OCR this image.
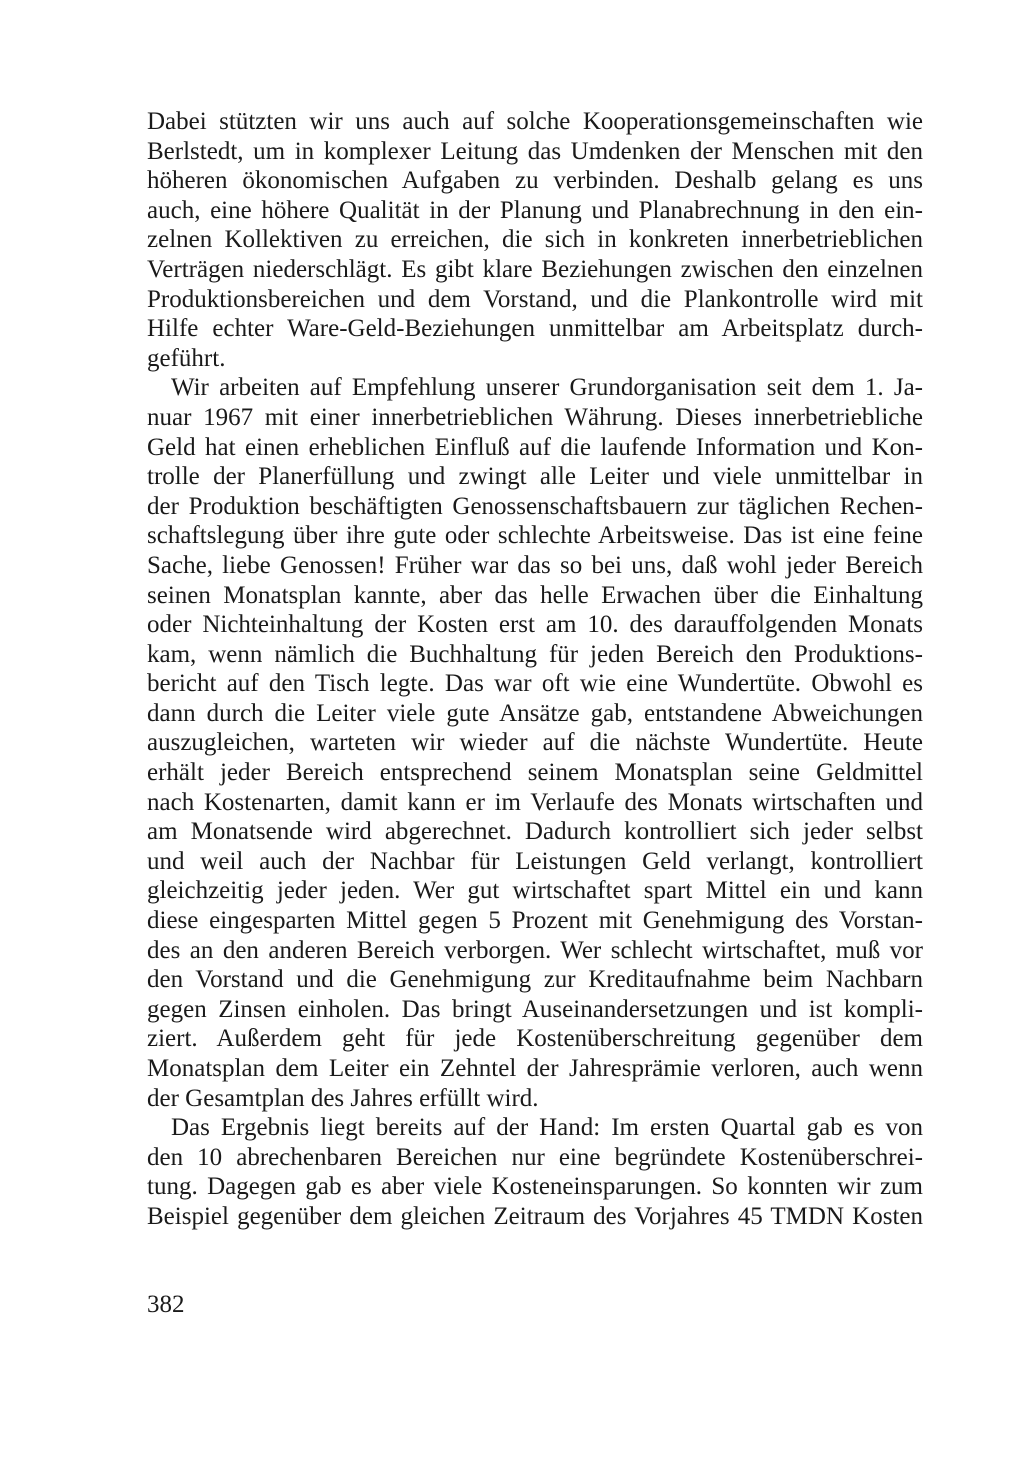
Dabei stützten wir uns auch auf solche Kooperationsgemeinschaften wie
Berlstedt, um in komplexer Leitung das Umdenken der Menschen mit den
höheren ökonomischen Aufgaben zu verbinden. Deshalb gelang es uns
auch, eine höhere Qualität in der Planung und Planabrechnung in den ein-
zelnen Kollektiven zu erreichen, die sich in konkreten innerbetrieblichen
Verträgen niederschlägt. Es gibt klare Beziehungen zwischen den einzelnen
Produktionsbereichen und dem Vorstand, und die Plankontrolle wird mit
Hilfe echter Ware-Geld-Beziehungen unmittelbar am Arbeitsplatz durch-
geführt.
Wir arbeiten auf Empfehlung unserer Grundorganisation seit dem 1. Ja-
nuar 1967 mit einer innerbetrieblichen Währung. Dieses innerbetriebliche
Geld hat einen erheblichen Einfluß auf die laufende Information und Kon-
trolle der Planerfüllung und zwingt alle Leiter und viele unmittelbar in
der Produktion beschäftigten Genossenschaftsbauern zur täglichen Rechen-
schaftslegung über ihre gute oder schlechte Arbeitsweise. Das ist eine feine
Sache, liebe Genossen! Früher war das so bei uns, daß wohl jeder Bereich
seinen Monatsplan kannte, aber das helle Erwachen über die Einhaltung
oder Nichteinhaltung der Kosten erst am 10. des darauffolgenden Monats
kam, wenn nämlich die Buchhaltung für jeden Bereich den Produktions-
bericht auf den Tisch legte. Das war oft wie eine Wundertüte. Obwohl es
dann durch die Leiter viele gute Ansätze gab, entstandene Abweichungen
auszugleichen, warteten wir wieder auf die nächste Wundertüte. Heute
erhält jeder Bereich entsprechend seinem Monatsplan seine Geldmittel
nach Kostenarten, damit kann er im Verlaufe des Monats wirtschaften und
am Monatsende wird abgerechnet. Dadurch kontrolliert sich jeder selbst
und weil auch der Nachbar für Leistungen Geld verlangt, kontrolliert
gleichzeitig jeder jeden. Wer gut wirtschaftet spart Mittel ein und kann
diese eingesparten Mittel gegen 5 Prozent mit Genehmigung des Vorstan-
des an den anderen Bereich verborgen. Wer schlecht wirtschaftet, muß vor
den Vorstand und die Genehmigung zur Kreditaufnahme beim Nachbarn
gegen Zinsen einholen. Das bringt Auseinandersetzungen und ist kompli-
ziert. Außerdem geht für jede Kostenüberschreitung gegenüber dem
Monatsplan dem Leiter ein Zehntel der Jahresprämie verloren, auch wenn
der Gesamtplan des Jahres erfüllt wird.
Das Ergebnis liegt bereits auf der Hand: Im ersten Quartal gab es von
den 10 abrechenbaren Bereichen nur eine begründete Kostenüberschrei-
tung. Dagegen gab es aber viele Kosteneinsparungen. So konnten wir zum
Beispiel gegenüber dem gleichen Zeitraum des Vorjahres 45 TMDN Kosten
382
